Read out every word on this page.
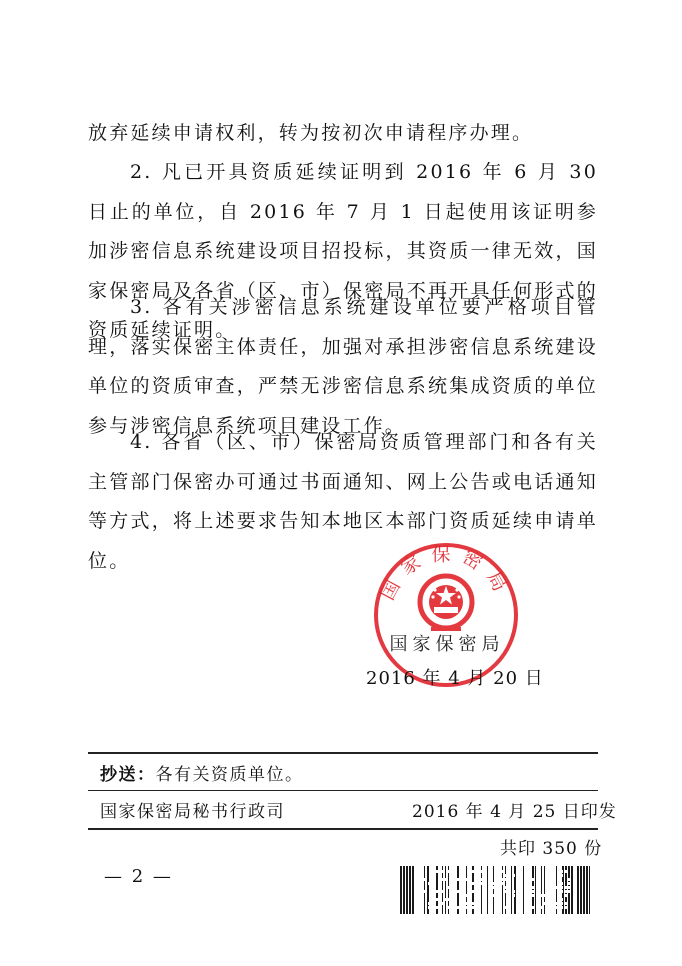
放弃延续申请权利，转为按初次申请程序办理。

2. 凡已开具资质延续证明到 2016 年 6 月 30 日止的单位，自 2016 年 7 月 1 日起使用该证明参加涉密信息系统建设项目招投标，其资质一律无效，国家保密局及各省（区、市）保密局不再开具任何形式的资质延续证明。

3. 各有关涉密信息系统建设单位要严格项目管理，落实保密主体责任，加强对承担涉密信息系统建设单位的资质审查，严禁无涉密信息系统集成资质的单位参与涉密信息系统项目建设工作。

4. 各省（区、市）保密局资质管理部门和各有关主管部门保密办可通过书面通知、网上公告或电话通知等方式，将上述要求告知本地区本部门资质延续申请单位。

国家保密局
国家保密局
2016 年 4 月 20 日
抄送：各有关资质单位。
国家保密局秘书行政司	2016 年 4 月 25 日印发
共印 350 份
— 2 —
